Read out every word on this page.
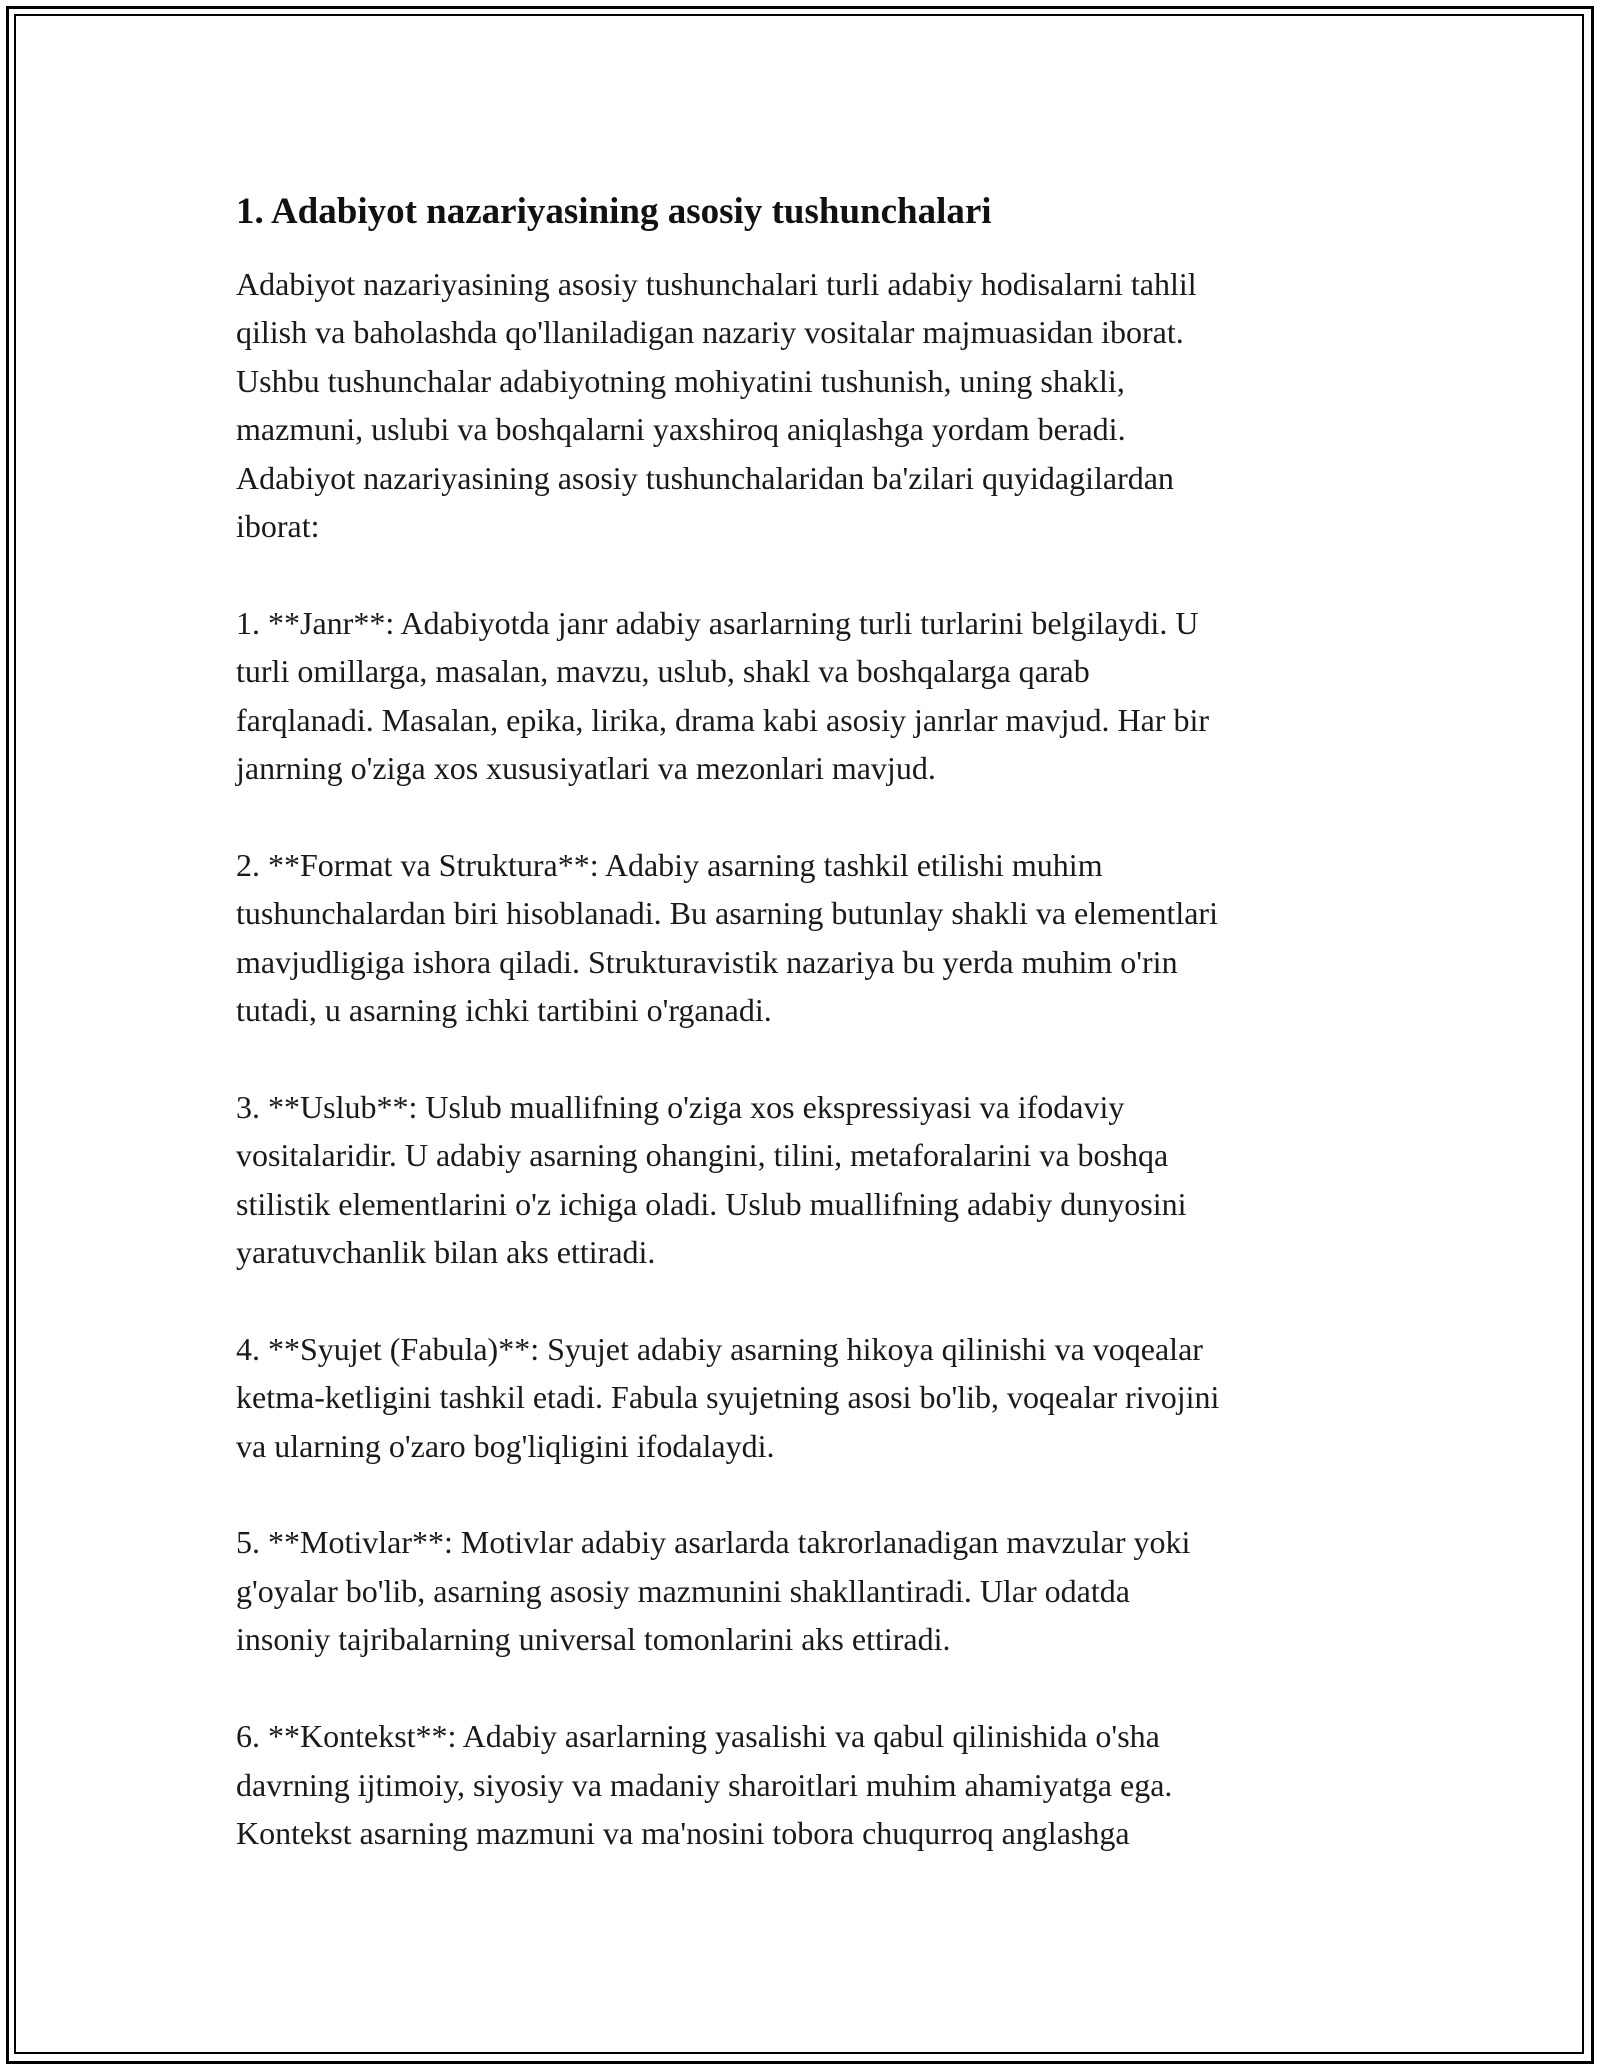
1. Adabiyot nazariyasining asosiy tushunchalari

Adabiyot nazariyasining asosiy tushunchalari turli adabiy hodisalarni tahlil
qilish va baholashda qo'llaniladigan nazariy vositalar majmuasidan iborat.
Ushbu tushunchalar adabiyotning mohiyatini tushunish, uning shakli,
mazmuni, uslubi va boshqalarni yaxshiroq aniqlashga yordam beradi.
Adabiyot nazariyasining asosiy tushunchalaridan ba'zilari quyidagilardan
iborat:

1. **Janr**: Adabiyotda janr adabiy asarlarning turli turlarini belgilaydi. U
turli omillarga, masalan, mavzu, uslub, shakl va boshqalarga qarab
farqlanadi. Masalan, epika, lirika, drama kabi asosiy janrlar mavjud. Har bir
janrning o'ziga xos xususiyatlari va mezonlari mavjud.

2. **Format va Struktura**: Adabiy asarning tashkil etilishi muhim
tushunchalardan biri hisoblanadi. Bu asarning butunlay shakli va elementlari
mavjudligiga ishora qiladi. Strukturavistik nazariya bu yerda muhim o'rin
tutadi, u asarning ichki tartibini o'rganadi.

3. **Uslub**: Uslub muallifning o'ziga xos ekspressiyasi va ifodaviy
vositalaridir. U adabiy asarning ohangini, tilini, metaforalarini va boshqa
stilistik elementlarini o'z ichiga oladi. Uslub muallifning adabiy dunyosini
yaratuvchanlik bilan aks ettiradi.

4. **Syujet (Fabula)**: Syujet adabiy asarning hikoya qilinishi va voqealar
ketma-ketligini tashkil etadi. Fabula syujetning asosi bo'lib, voqealar rivojini
va ularning o'zaro bog'liqligini ifodalaydi.

5. **Motivlar**: Motivlar adabiy asarlarda takrorlanadigan mavzular yoki
g'oyalar bo'lib, asarning asosiy mazmunini shakllantiradi. Ular odatda
insoniy tajribalarning universal tomonlarini aks ettiradi.

6. **Kontekst**: Adabiy asarlarning yasalishi va qabul qilinishida o'sha
davrning ijtimoiy, siyosiy va madaniy sharoitlari muhim ahamiyatga ega.
Kontekst asarning mazmuni va ma'nosini tobora chuqurroq anglashga
